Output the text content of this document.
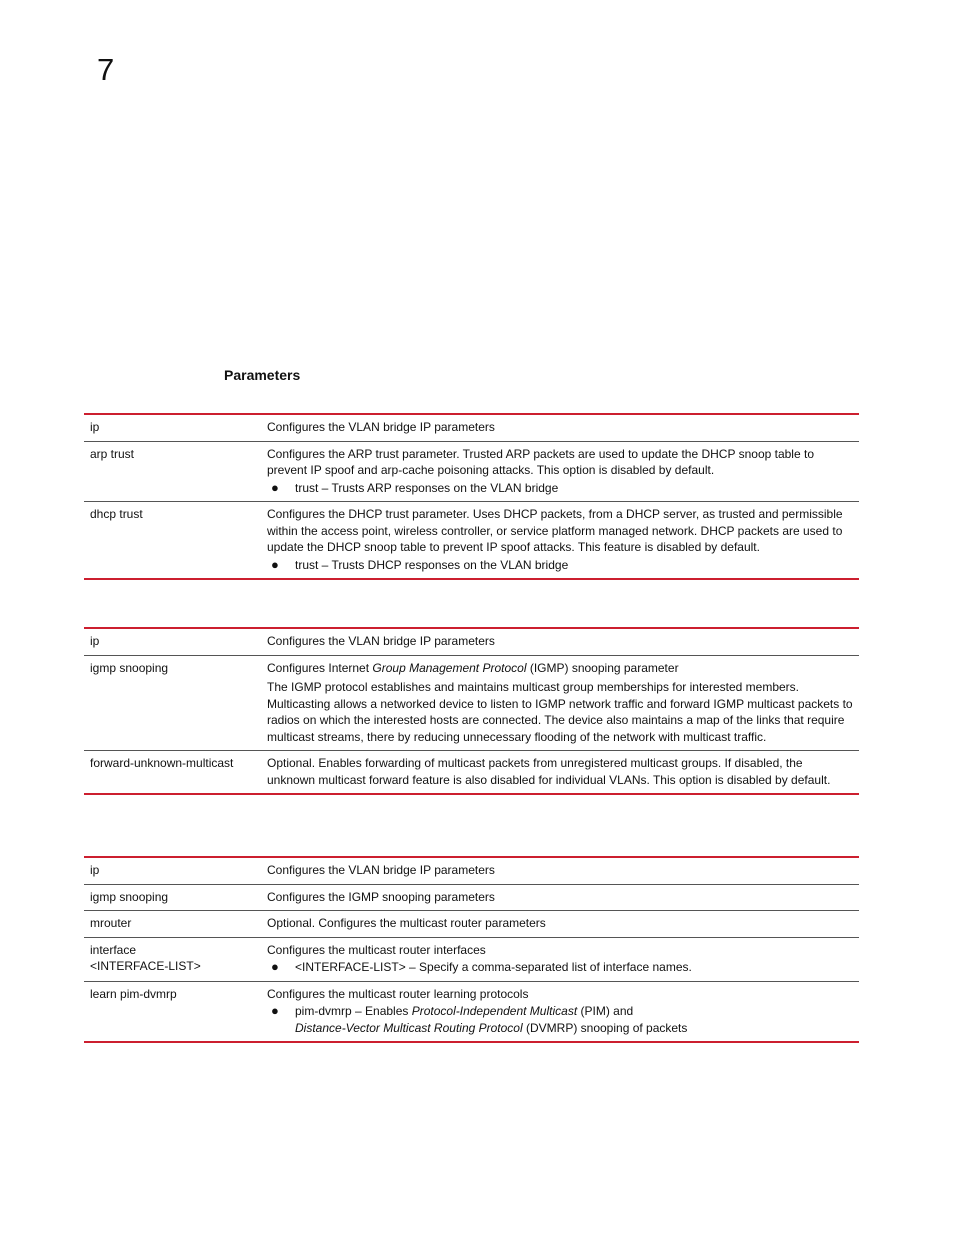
7
Parameters
ip	Configures the VLAN bridge IP parameters
arp trust	Configures the ARP trust parameter. Trusted ARP packets are used to update the DHCP snoop table to prevent IP spoof and arp-cache poisoning attacks. This option is disabled by default.
● trust – Trusts ARP responses on the VLAN bridge

dhcp trust	Configures the DHCP trust parameter. Uses DHCP packets, from a DHCP server, as trusted and permissible within the access point, wireless controller, or service platform managed network. DHCP packets are used to update the DHCP snoop table to prevent IP spoof attacks. This feature is disabled by default.
● trust – Trusts DHCP responses on the VLAN bridge
ip	Configures the VLAN bridge IP parameters
igmp snooping	Configures Internet Group Management Protocol (IGMP) snooping parameter
The IGMP protocol establishes and maintains multicast group memberships for interested members. Multicasting allows a networked device to listen to IGMP network traffic and forward IGMP multicast packets to radios on which the interested hosts are connected. The device also maintains a map of the links that require multicast streams, there by reducing unnecessary flooding of the network with multicast traffic.

forward-unknown-multicast	Optional. Enables forwarding of multicast packets from unregistered multicast groups. If disabled, the unknown multicast forward feature is also disabled for individual VLANs. This option is disabled by default.
ip	Configures the VLAN bridge IP parameters
igmp snooping	Configures the IGMP snooping parameters
mrouter	Optional. Configures the multicast router parameters

interface
<INTERFACE-LIST>	Configures the multicast router interfaces
● <INTERFACE-LIST> – Specify a comma-separated list of interface names.

learn pim-dvmrp	Configures the multicast router learning protocols
● pim-dvmrp – Enables Protocol-Independent Multicast (PIM) and
Distance-Vector Multicast Routing Protocol (DVMRP) snooping of packets
